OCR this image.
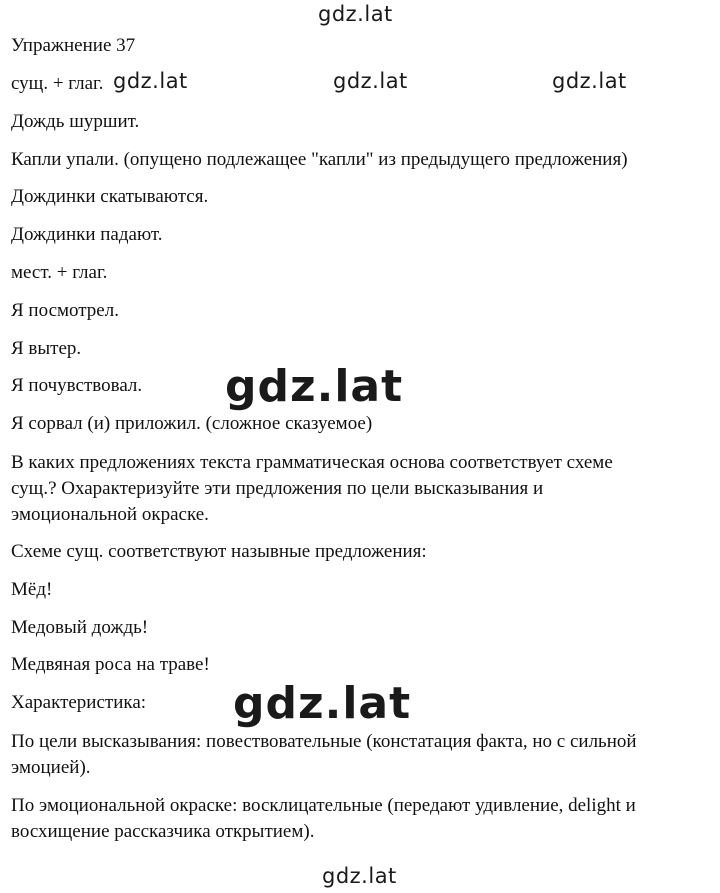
Упражнение 37
сущ. + глаг.
Дождь шуршит.
Капли упали. (опущено подлежащее "капли" из предыдущего предложения)
Дождинки скатываются.
Дождинки падают.
мест. + глаг.
Я посмотрел.
Я вытер.
Я почувствовал.
Я сорвал (и) приложил. (сложное сказуемое)
В каких предложениях текста грамматическая основа соответствует схеме
сущ.? Охарактеризуйте эти предложения по цели высказывания и
эмоциональной окраске.
Схеме сущ. соответствуют назывные предложения:
Мёд!
Медовый дождь!
Медвяная роса на траве!
Характеристика:
По цели высказывания: повествовательные (констатация факта, но с сильной
эмоцией).
По эмоциональной окраске: восклицательные (передают удивление, delight и
восхищение рассказчика открытием).
gdz.lat
gdz.lat	gdz.lat	gdz.lat
gdz.lat
gdz.lat
gdz.lat
